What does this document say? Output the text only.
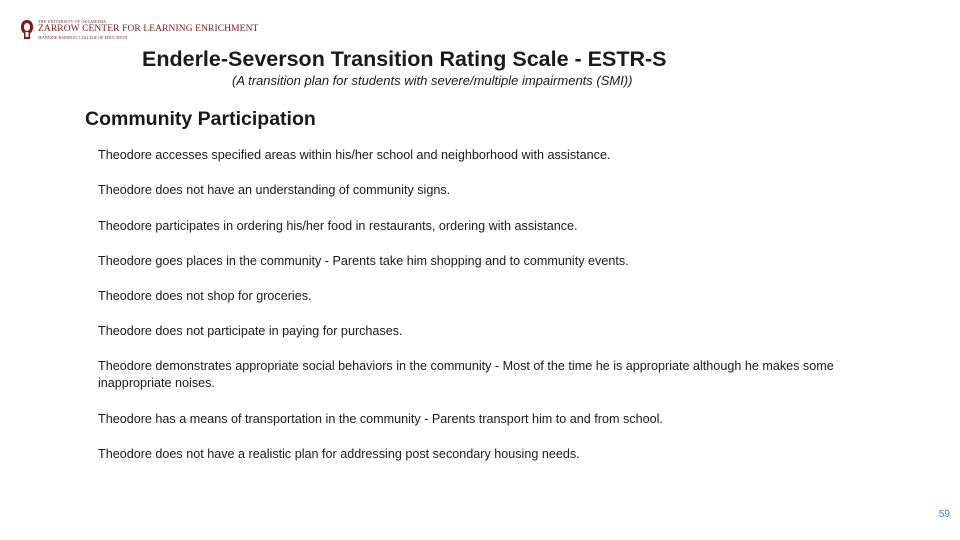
THE UNIVERSITY OF OKLAHOMA
ZARROW CENTER FOR LEARNING ENRICHMENT
JEANNINE RAINBOLT COLLEGE OF EDUCATION
Enderle-Severson Transition Rating Scale - ESTR-S
(A transition plan for students with severe/multiple impairments (SMI))
Community Participation
Theodore accesses specified areas within his/her school and neighborhood with assistance.
Theodore does not have an understanding of community signs.
Theodore participates in ordering his/her food in restaurants, ordering with assistance.
Theodore goes places in the community - Parents take him shopping and to community events.
Theodore does not shop for groceries.
Theodore does not participate in paying for purchases.
Theodore demonstrates appropriate social behaviors in the community - Most of the time he is appropriate although he makes some inappropriate noises.
Theodore has a means of transportation in the community - Parents transport him to and from school.
Theodore does not have a realistic plan for addressing post secondary housing needs.
59
